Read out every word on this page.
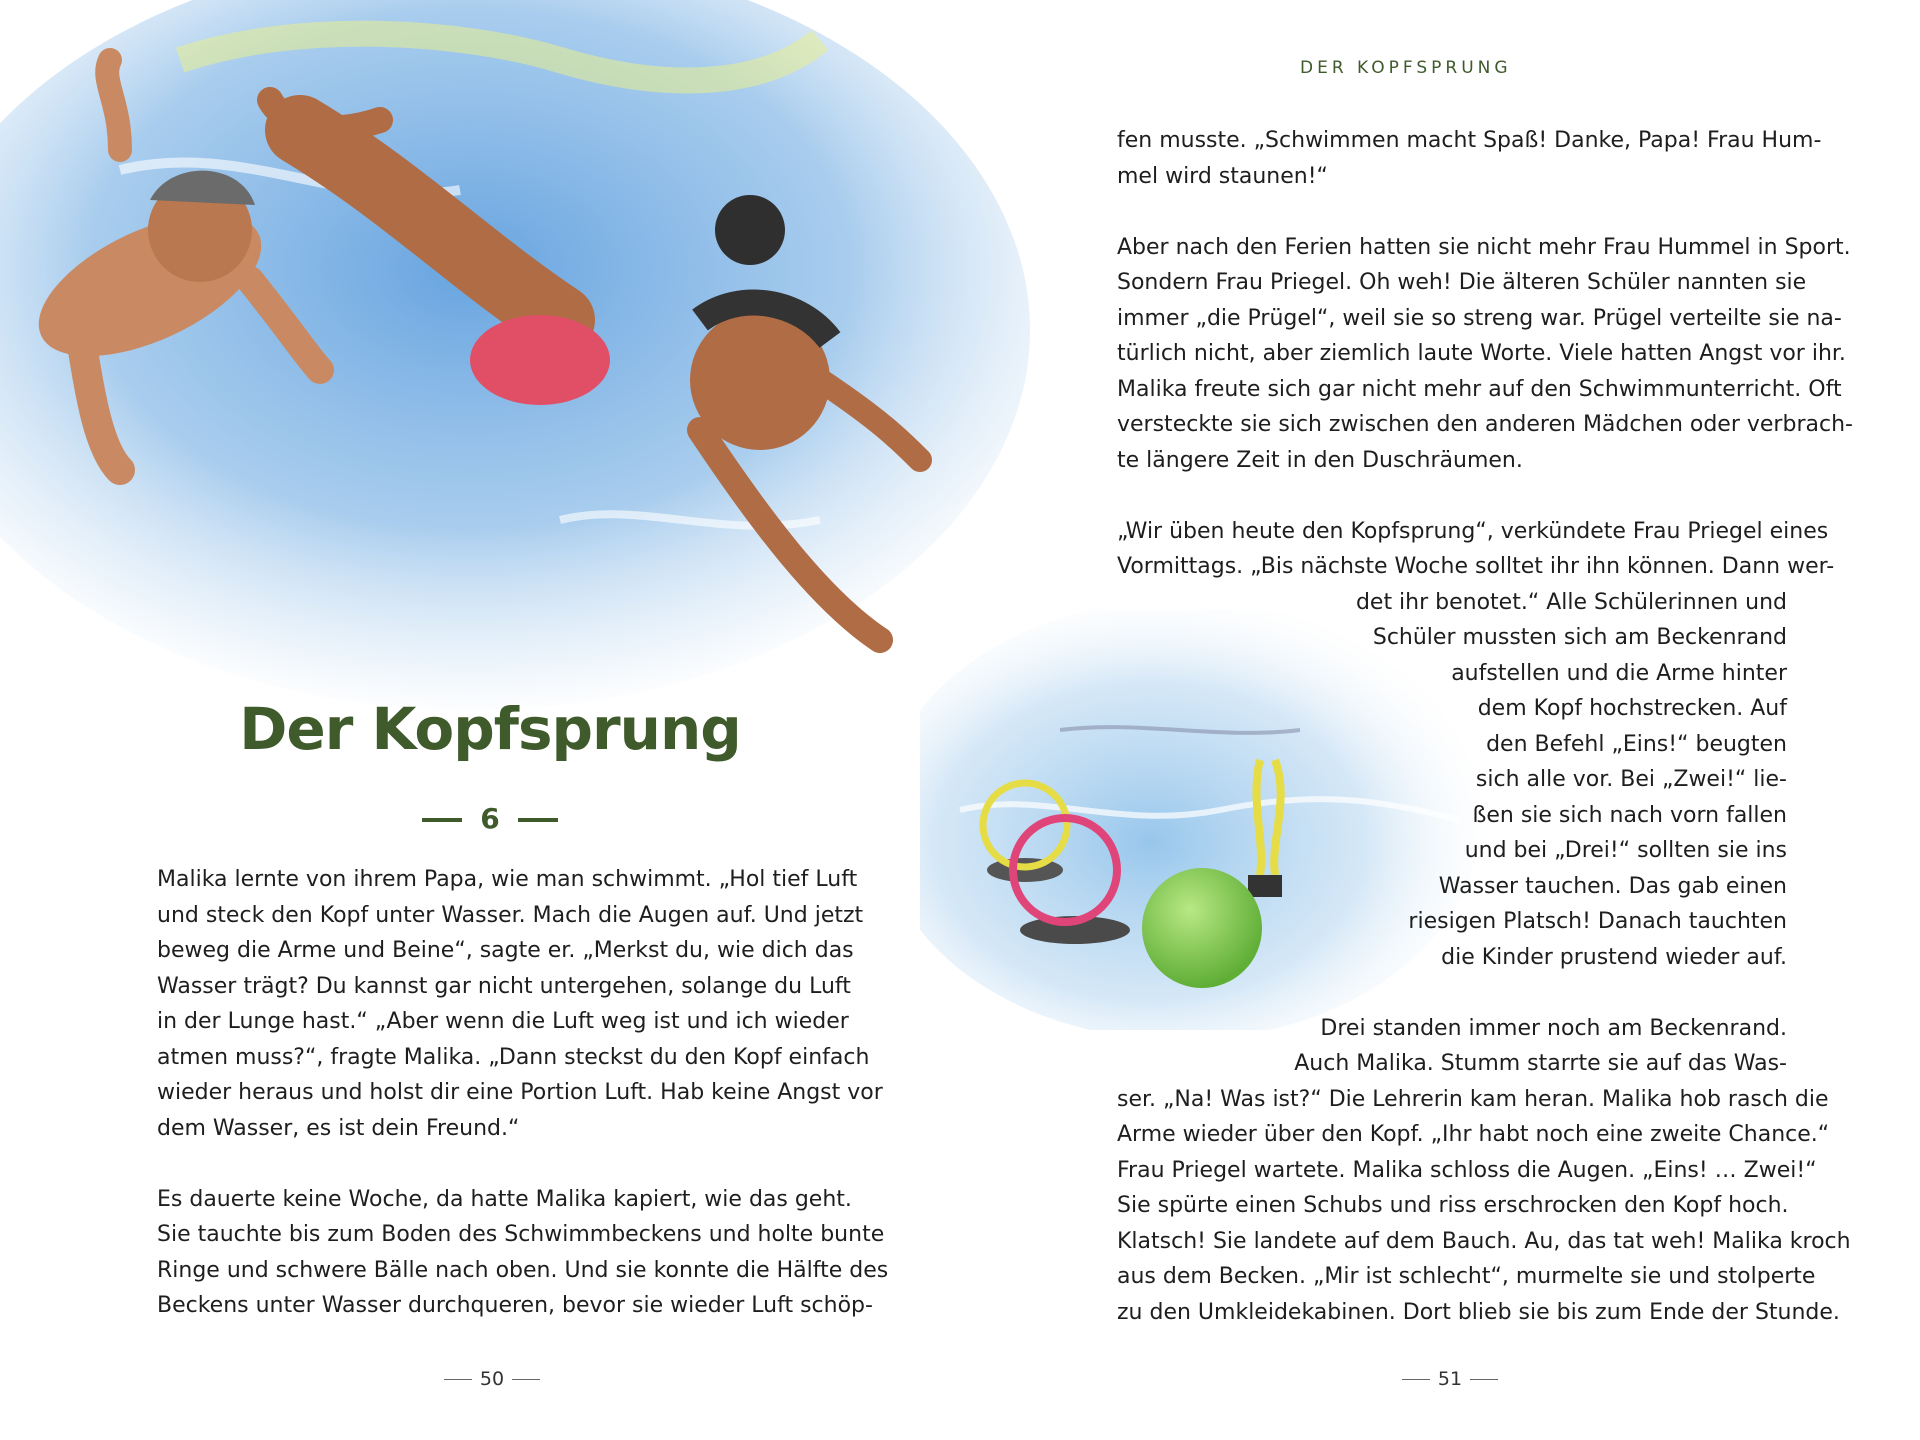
Der Kopfsprung
6
Malika lernte von ihrem Papa, wie man schwimmt. „Hol tief Luft
und steck den Kopf unter Wasser. Mach die Augen auf. Und jetzt
beweg die Arme und Beine“, sagte er. „Merkst du, wie dich das
Wasser trägt? Du kannst gar nicht untergehen, solange du Luft
in der Lunge hast.“ „Aber wenn die Luft weg ist und ich wieder
atmen muss?“, fragte Malika. „Dann steckst du den Kopf einfach
wieder heraus und holst dir eine Portion Luft. Hab keine Angst vor
dem Wasser, es ist dein Freund.“
Es dauerte keine Woche, da hatte Malika kapiert, wie das geht.
Sie tauchte bis zum Boden des Schwimmbeckens und holte bunte
Ringe und schwere Bälle nach oben. Und sie konnte die Hälfte des
Beckens unter Wasser durchqueren, bevor sie wieder Luft schöp-
50
DER KOPFSPRUNG
fen musste. „Schwimmen macht Spaß! Danke, Papa! Frau Hum-
mel wird staunen!“
Aber nach den Ferien hatten sie nicht mehr Frau Hummel in Sport.
Sondern Frau Priegel. Oh weh! Die älteren Schüler nannten sie
immer „die Prügel“, weil sie so streng war. Prügel verteilte sie na-
türlich nicht, aber ziemlich laute Worte. Viele hatten Angst vor ihr.
Malika freute sich gar nicht mehr auf den Schwimmunterricht. Oft
versteckte sie sich zwischen den anderen Mädchen oder verbrach-
te längere Zeit in den Duschräumen.
„Wir üben heute den Kopfsprung“, verkündete Frau Priegel eines
Vormittags. „Bis nächste Woche solltet ihr ihn können. Dann wer-
det ihr benotet.“ Alle Schülerinnen und
Schüler mussten sich am Beckenrand
aufstellen und die Arme hinter
dem Kopf hochstrecken. Auf
den Befehl „Eins!“ beugten
sich alle vor. Bei „Zwei!“ lie-
ßen sie sich nach vorn fallen
und bei „Drei!“ sollten sie ins
Wasser tauchen. Das gab einen
riesigen Platsch! Danach tauchten
die Kinder prustend wieder auf.
Drei standen immer noch am Beckenrand.
Auch Malika. Stumm starrte sie auf das Was-
ser. „Na! Was ist?“ Die Lehrerin kam heran. Malika hob rasch die
Arme wieder über den Kopf. „Ihr habt noch eine zweite Chance.“
Frau Priegel wartete. Malika schloss die Augen. „Eins! … Zwei!“
Sie spürte einen Schubs und riss erschrocken den Kopf hoch.
Klatsch! Sie landete auf dem Bauch. Au, das tat weh! Malika kroch
aus dem Becken. „Mir ist schlecht“, murmelte sie und stolperte
zu den Umkleidekabinen. Dort blieb sie bis zum Ende der Stunde.
51
